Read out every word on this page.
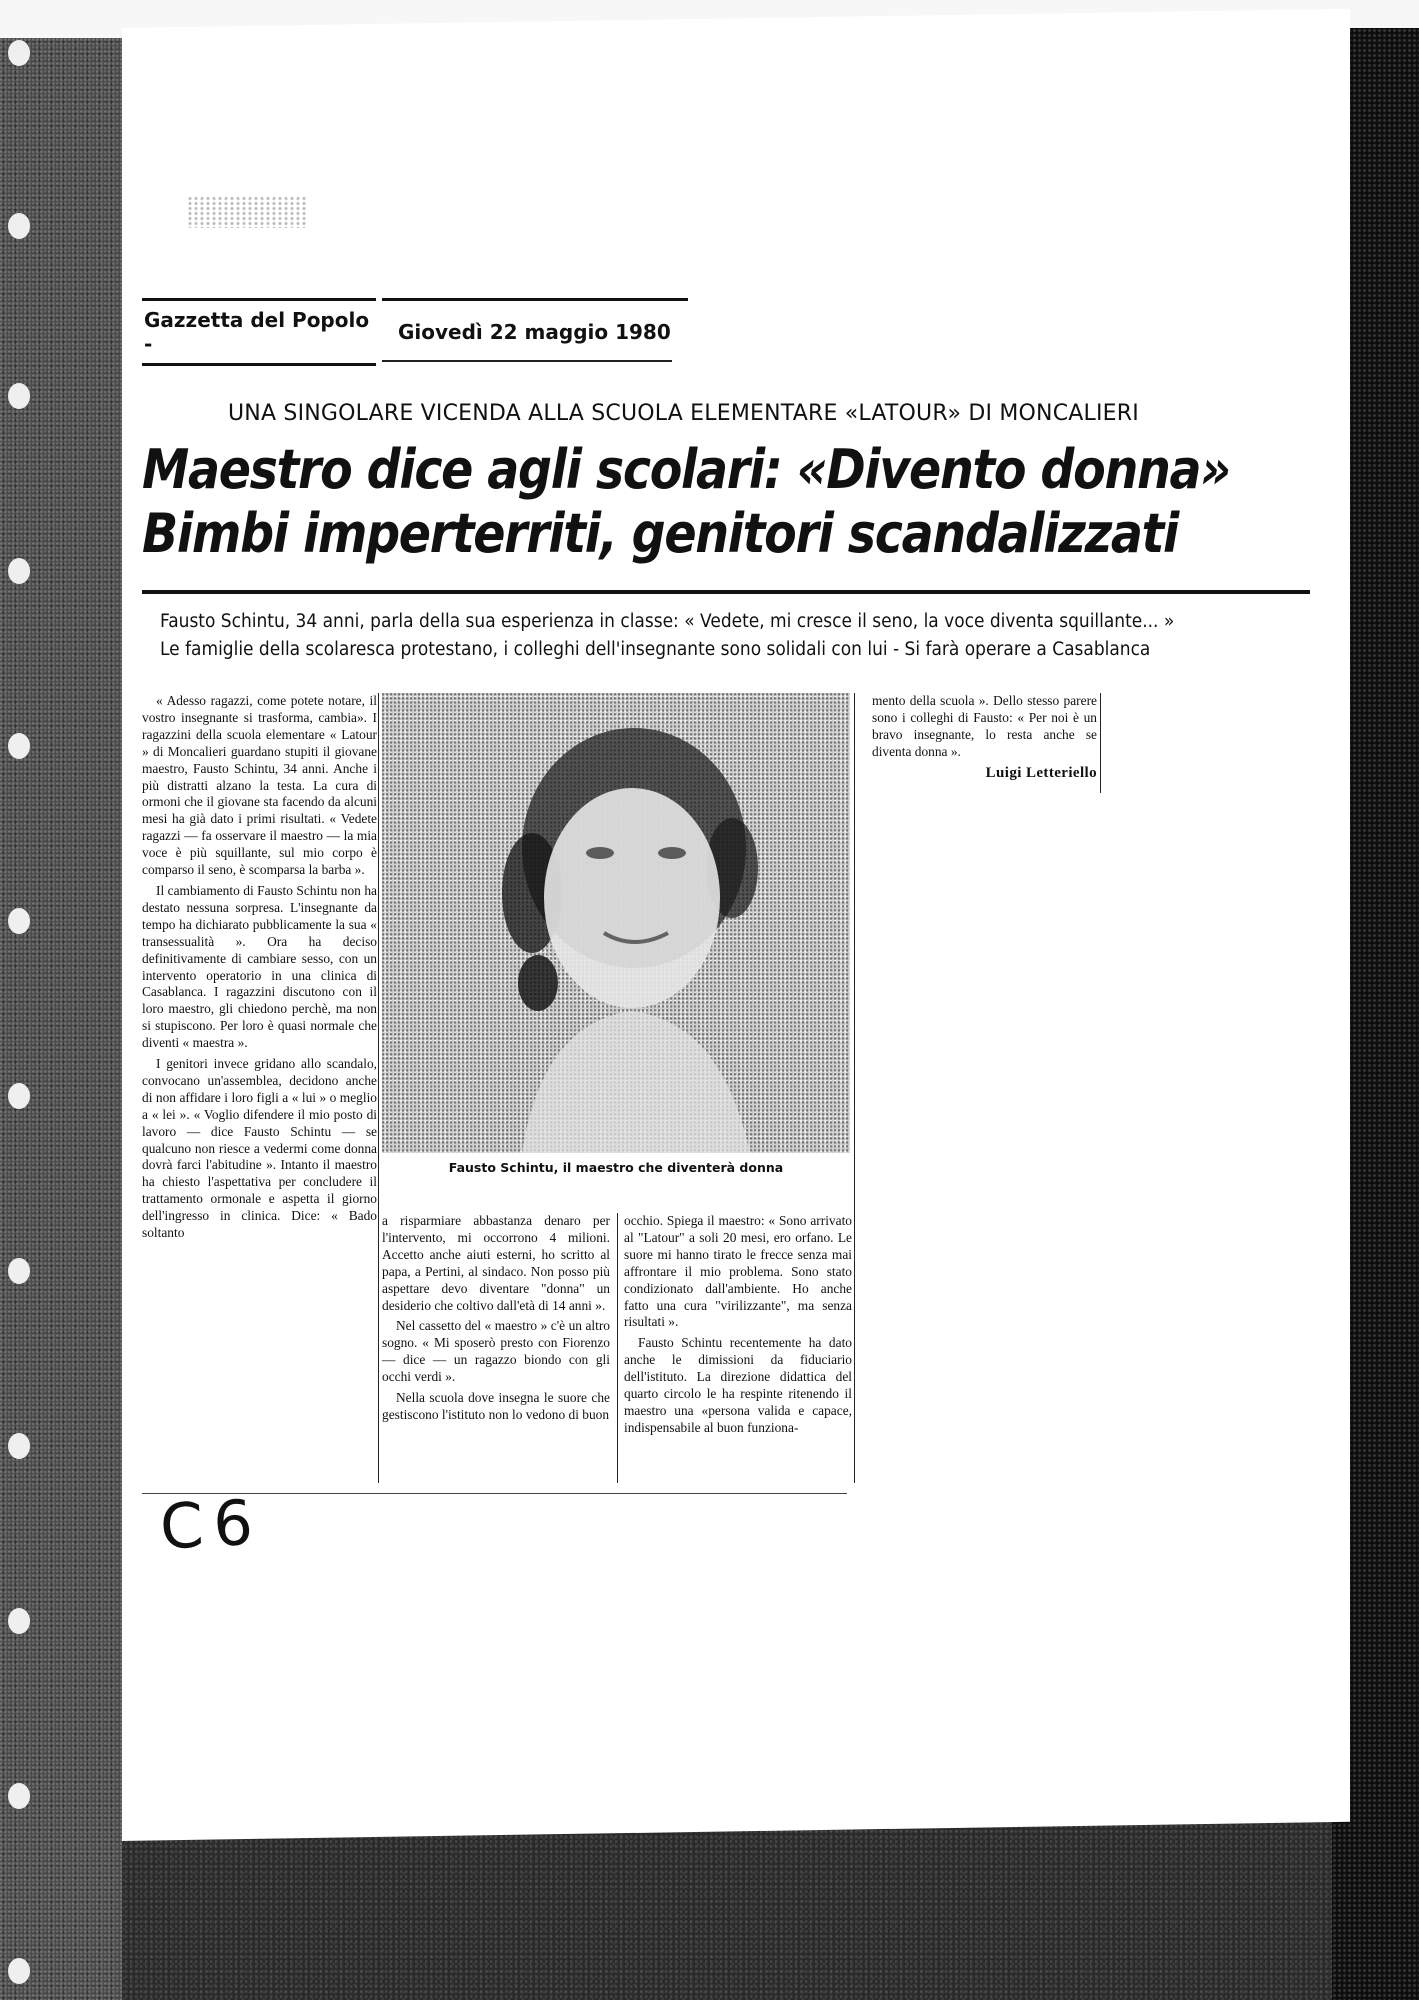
Gazzetta del Popolo -	Giovedì 22 maggio 1980
UNA SINGOLARE VICENDA ALLA SCUOLA ELEMENTARE «LATOUR» DI MONCALIERI
Maestro dice agli scolari: «Divento donna»
Bimbi imperterriti, genitori scandalizzati
Fausto Schintu, 34 anni, parla della sua esperienza in classe: « Vedete, mi cresce il seno, la voce diventa squillante... »
Le famiglie della scolaresca protestano, i colleghi dell'insegnante sono solidali con lui - Si farà operare a Casablanca

« Adesso ragazzi, come potete notare, il vostro insegnante si trasforma, cambia». I ragazzini della scuola elementare « Latour » di Moncalieri guardano stupiti il giovane maestro, Fausto Schintu, 34 anni. Anche i più distratti alzano la testa. La cura di ormoni che il giovane sta facendo da alcuni mesi ha già dato i primi risultati. « Vedete ragazzi — fa osservare il maestro — la mia voce è più squillante, sul mio corpo è comparso il seno, è scomparsa la barba ».

Il cambiamento di Fausto Schintu non ha destato nessuna sorpresa. L'insegnante da tempo ha dichiarato pubblicamente la sua « transessualità ». Ora ha deciso definitivamente di cambiare sesso, con un intervento operatorio in una clinica di Casablanca. I ragazzini discutono con il loro maestro, gli chiedono perchè, ma non si stupiscono. Per loro è quasi normale che diventi « maestra ».

I genitori invece gridano allo scandalo, convocano un'assemblea, decidono anche di non affidare i loro figli a « lui » o meglio a « lei ». « Voglio difendere il mio posto di lavoro — dice Fausto Schintu — se qualcuno non riesce a vedermi come donna dovrà farci l'abitudine ». Intanto il maestro ha chiesto l'aspettativa per concludere il trattamento ormonale e aspetta il giorno dell'ingresso in clinica. Dice: « Bado soltanto

Fausto Schintu, il maestro che diventerà donna

a risparmiare abbastanza denaro per l'intervento, mi occorrono 4 milioni. Accetto anche aiuti esterni, ho scritto al papa, a Pertini, al sindaco. Non posso più aspettare devo diventare "donna" un desiderio che coltivo dall'età di 14 anni ».

Nel cassetto del « maestro » c'è un altro sogno. « Mi sposerò presto con Fiorenzo — dice — un ragazzo biondo con gli occhi verdi ».

Nella scuola dove insegna le suore che gestiscono l'istituto non lo vedono di buon

occhio. Spiega il maestro: « Sono arrivato al "Latour" a soli 20 mesi, ero orfano. Le suore mi hanno tirato le frecce senza mai affrontare il mio problema. Sono stato condizionato dall'ambiente. Ho anche fatto una cura "virilizzante", ma senza risultati ».

Fausto Schintu recentemente ha dato anche le dimissioni da fiduciario dell'istituto. La direzione didattica del quarto circolo le ha respinte ritenendo il maestro una «persona valida e capace, indispensabile al buon funziona-

mento della scuola ». Dello stesso parere sono i colleghi di Fausto: « Per noi è un bravo insegnante, lo resta anche se diventa donna ».

Luigi Letteriello
C6
